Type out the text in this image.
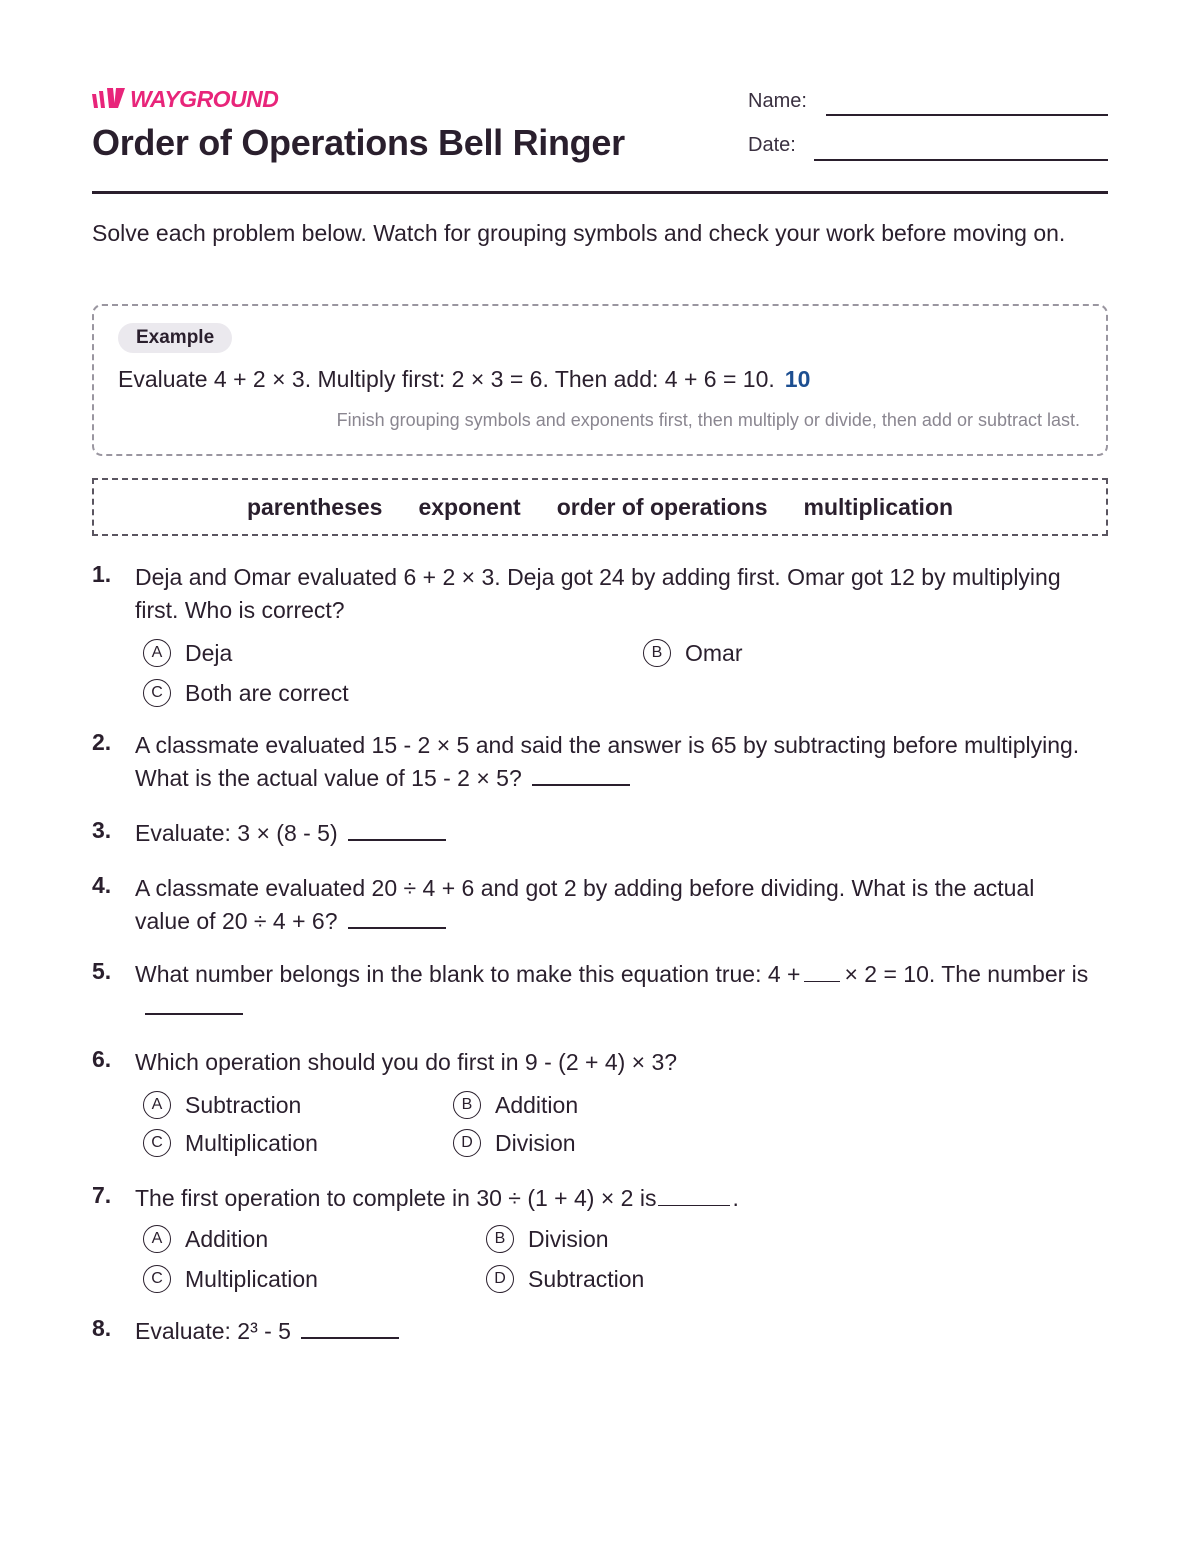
WAYGROUND
Order of Operations Bell Ringer
Name:
Date:

Solve each problem below. Watch for grouping symbols and check your work before moving on.

Example
Evaluate 4 + 2 × 3. Multiply first: 2 × 3 = 6. Then add: 4 + 6 = 10. 10
Finish grouping symbols and exponents first, then multiply or divide, then add or subtract last.
parentheses exponent order of operations multiplication
1. Deja and Omar evaluated 6 + 2 × 3. Deja got 24 by adding first. Omar got 12 by multiplying first. Who is correct?
A Deja	B Omar
C Both are correct
2. A classmate evaluated 15 - 2 × 5 and said the answer is 65 by subtracting before multiplying. What is the actual value of 15 - 2 × 5?
3. Evaluate: 3 × (8 - 5)
4. A classmate evaluated 20 ÷ 4 + 6 and got 2 by adding before dividing. What is the actual value of 20 ÷ 4 + 6?
5. What number belongs in the blank to make this equation true: 4 + × 2 = 10. The number is
6. Which operation should you do first in 9 - (2 + 4) × 3?
A Subtraction	B Addition
C Multiplication	D Division
7. The first operation to complete in 30 ÷ (1 + 4) × 2 is	.
A Addition	B Division
C Multiplication	D Subtraction
8. Evaluate: 2³ - 5
